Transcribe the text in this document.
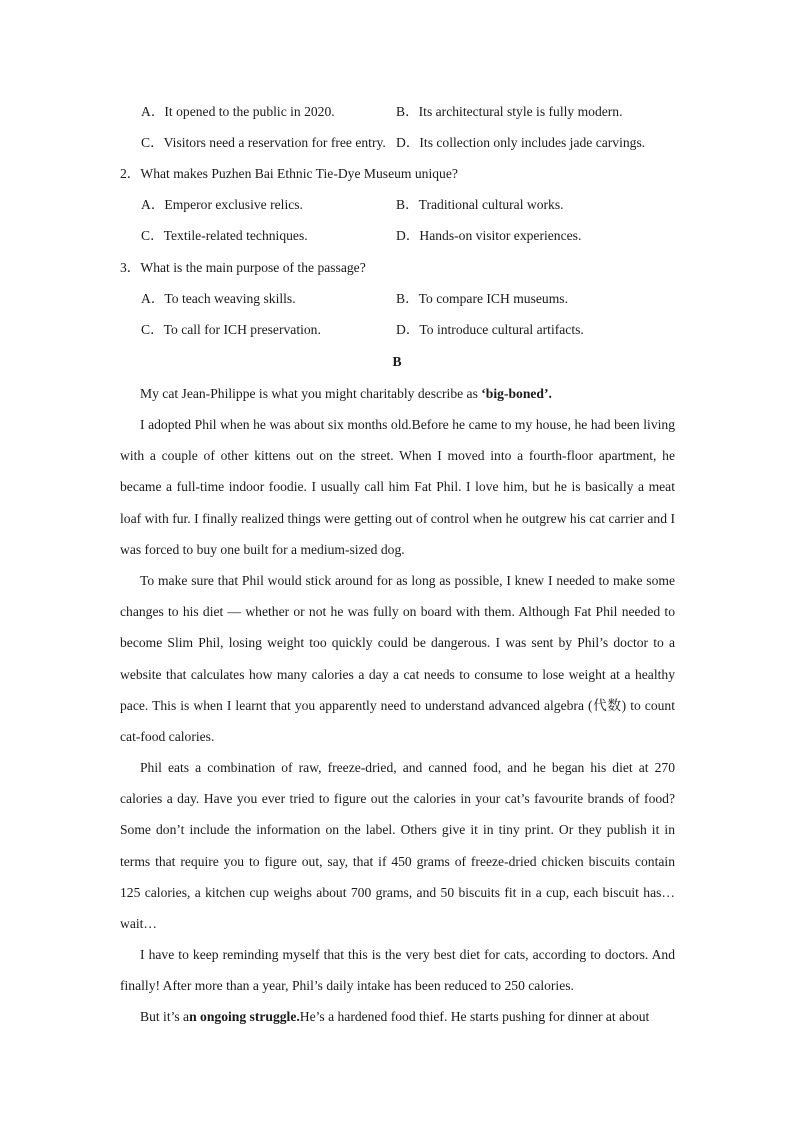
A．It opened to the public in 2020.	B．Its architectural style is fully modern.
C．Visitors need a reservation for free entry. D．Its collection only includes jade carvings.
2．What makes Puzhen Bai Ethnic Tie-Dye Museum unique?
A．Emperor exclusive relics.	B．Traditional cultural works.
C．Textile-related techniques.	D．Hands-on visitor experiences.
3．What is the main purpose of the passage?
A．To teach weaving skills.	B．To compare ICH museums.
C．To call for ICH preservation.	D．To introduce cultural artifacts.
B
My cat Jean-Philippe is what you might charitably describe as ‘big-boned’.
I adopted Phil when he was about six months old.Before he came to my house, he had been living with a couple of other kittens out on the street. When I moved into a fourth-floor apartment, he became a full-time indoor foodie. I usually call him Fat Phil. I love him, but he is basically a meat loaf with fur. I finally realized things were getting out of control when he outgrew his cat carrier and I was forced to buy one built for a medium-sized dog.
To make sure that Phil would stick around for as long as possible, I knew I needed to make some changes to his diet — whether or not he was fully on board with them. Although Fat Phil needed to become Slim Phil, losing weight too quickly could be dangerous. I was sent by Phil’s doctor to a website that calculates how many calories a day a cat needs to consume to lose weight at a healthy pace. This is when I learnt that you apparently need to understand advanced algebra (代数) to count cat-food calories.
Phil eats a combination of raw, freeze-dried, and canned food, and he began his diet at 270 calories a day. Have you ever tried to figure out the calories in your cat’s favourite brands of food? Some don’t include the information on the label. Others give it in tiny print. Or they publish it in terms that require you to figure out, say, that if 450 grams of freeze-dried chicken biscuits contain 125 calories, a kitchen cup weighs about 700 grams, and 50 biscuits fit in a cup, each biscuit has…wait…
I have to keep reminding myself that this is the very best diet for cats, according to doctors. And finally! After more than a year, Phil’s daily intake has been reduced to 250 calories.
But it’s an ongoing struggle.He’s a hardened food thief. He starts pushing for dinner at about
